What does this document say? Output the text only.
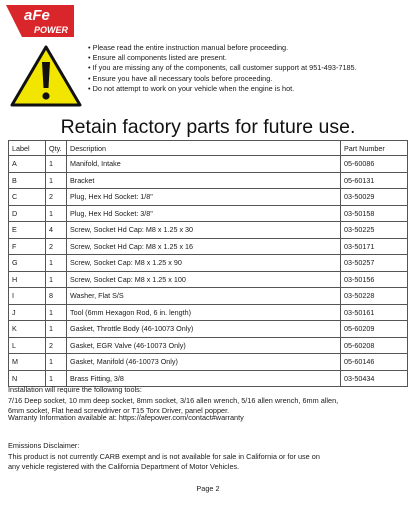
aFe
POWER
• Please read the entire instruction manual before proceeding.
• Ensure all components listed are present.
• If you are missing any of the components, call customer support at 951-493-7185.
• Ensure you have all necessary tools before proceeding.
• Do not attempt to work on your vehicle when the engine is hot.
Retain factory parts for future use.
Label	Qty.	Description	Part Number
A	1	Manifold, Intake	05-60086
B	1	Bracket	05-60131
C	2	Plug, Hex Hd Socket: 1/8"	03-50029
D	1	Plug, Hex Hd Socket: 3/8"	03-50158
E	4	Screw, Socket Hd Cap: M8 x 1.25 x 30	03-50225
F	2	Screw, Socket Hd Cap: M8 x 1.25 x 16	03-50171
G	1	Screw, Socket Cap: M8 x 1.25 x 90	03-50257
H	1	Screw, Socket Cap: M8 x 1.25 x 100	03-50156
I	8	Washer, Flat S/S	03-50228
J	1	Tool (6mm Hexagon Rod, 6 in. length)	03-50161
K	1	Gasket, Throttle Body (46-10073 Only)	05-60209
L	2	Gasket, EGR Valve (46-10073 Only)	05-60208
M	1	Gasket, Manifold (46-10073 Only)	05-60146
N	1	Brass Fitting, 3/8	03-50434

Installation will require the following tools:

7/16 Deep socket, 10 mm deep socket, 8mm socket, 3/16 allen wrench, 5/16 allen wrench, 6mm allen,

6mm socket, Flat head screwdriver or T15 Torx Driver, panel popper.

Warranty Information available at: https://afepower.com/contact#warranty

Emissions Disclaimer:

This product is not currently CARB exempt and is not available for sale in California or for use on

any vehicle registered with the California Department of Motor Vehicles.

Page 2
